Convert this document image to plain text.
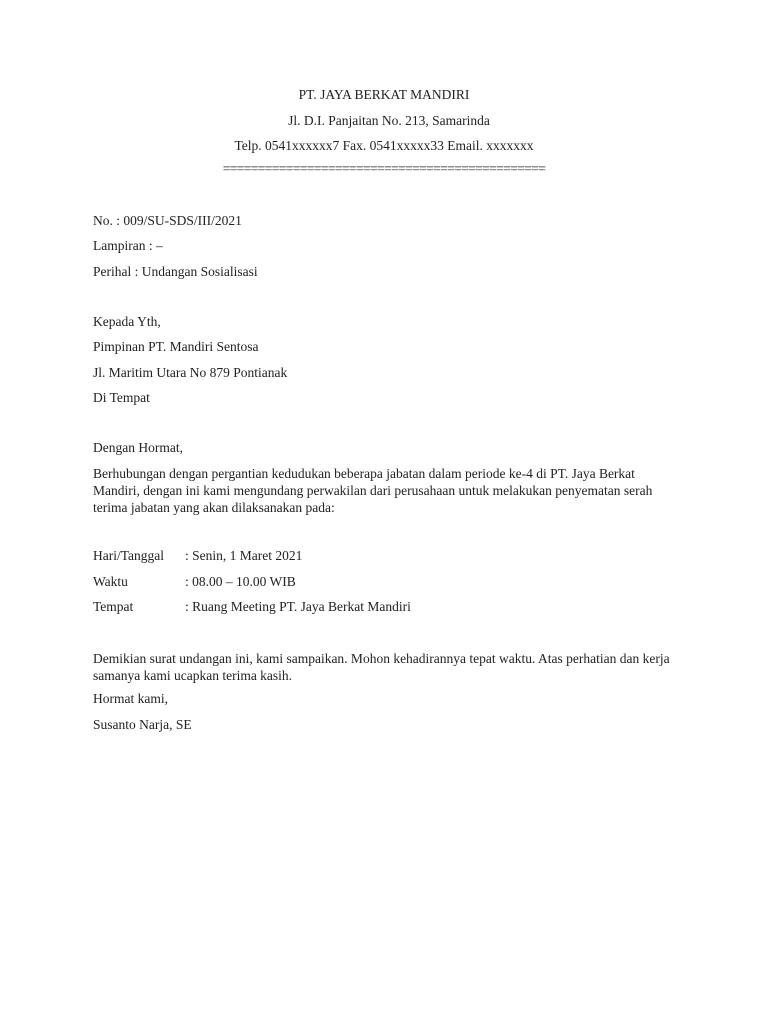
PT. JAYA BERKAT MANDIRI
Jl. D.I. Panjaitan No. 213, Samarinda
Telp. 0541xxxxxx7 Fax. 0541xxxxx33 Email. xxxxxxx
==============================================
No. : 009/SU-SDS/III/2021
Lampiran : –
Perihal : Undangan Sosialisasi
Kepada Yth,
Pimpinan PT. Mandiri Sentosa
Jl. Maritim Utara No 879 Pontianak
Di Tempat
Dengan Hormat,
Berhubungan dengan pergantian kedudukan beberapa jabatan dalam periode ke-4 di PT. Jaya Berkat Mandiri, dengan ini kami mengundang perwakilan dari perusahaan untuk melakukan penyematan serah terima jabatan yang akan dilaksanakan pada:
Hari/Tanggal : Senin, 1 Maret 2021
Waktu	: 08.00 – 10.00 WIB
Tempat	: Ruang Meeting PT. Jaya Berkat Mandiri
Demikian surat undangan ini, kami sampaikan. Mohon kehadirannya tepat waktu. Atas perhatian dan kerja samanya kami ucapkan terima kasih.
Hormat kami,
Susanto Narja, SE
